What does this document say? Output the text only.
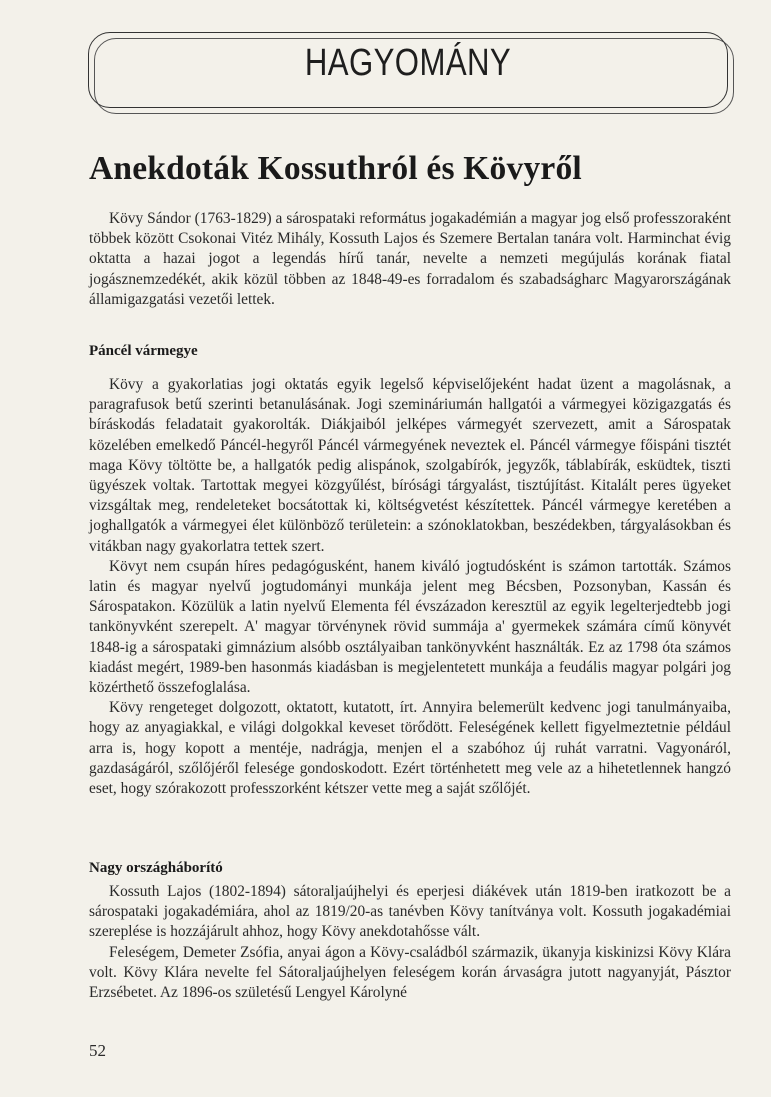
HAGYOMÁNY
Anekdoták Kossuthról és Kövyről

Kövy Sándor (1763-1829) a sárospataki református jogakadémián a magyar jog első professzoraként többek között Csokonai Vitéz Mihály, Kossuth Lajos és Szemere Bertalan tanára volt. Harminchat évig oktatta a hazai jogot a legendás hírű tanár, nevelte a nemzeti megújulás korának fiatal jogásznemzedékét, akik közül többen az 1848-49-es forradalom és szabadságharc Magyarországának államigazgatási vezetői lettek.

Páncél vármegye

Kövy a gyakorlatias jogi oktatás egyik legelső képviselőjeként hadat üzent a magolásnak, a paragrafusok betű szerinti betanulásának. Jogi szemináriumán hallgatói a vármegyei közigazgatás és bíráskodás feladatait gyakorolták. Diákjaiból jelképes vármegyét szervezett, amit a Sárospatak közelében emelkedő Páncél-hegyről Páncél vármegyének neveztek el. Páncél vármegye főispáni tisztét maga Kövy töltötte be, a hallgatók pedig alispánok, szolgabírók, jegyzők, táblabírák, esküdtek, tiszti ügyészek voltak. Tartottak megyei közgyűlést, bírósági tárgyalást, tisztújítást. Kitalált peres ügyeket vizsgáltak meg, rendeleteket bocsátottak ki, költségvetést készítettek. Páncél vármegye keretében a joghallgatók a vármegyei élet különböző területein: a szónoklatokban, beszédekben, tárgyalásokban és vitákban nagy gyakorlatra tettek szert.

Kövyt nem csupán híres pedagógusként, hanem kiváló jogtudósként is számon tartották. Számos latin és magyar nyelvű jogtudományi munkája jelent meg Bécsben, Pozsonyban, Kassán és Sárospatakon. Közülük a latin nyelvű Elementa fél évszázadon keresztül az egyik legelterjedtebb jogi tankönyvként szerepelt. A' magyar törvénynek rövid summája a' gyermekek számára című könyvét 1848-ig a sárospataki gimnázium alsóbb osztályaiban tankönyvként használták. Ez az 1798 óta számos kiadást megért, 1989-ben hasonmás kiadásban is megjelentetett munkája a feudális magyar polgári jog közérthető összefoglalása.

Kövy rengeteget dolgozott, oktatott, kutatott, írt. Annyira belemerült kedvenc jogi tanulmányaiba, hogy az anyagiakkal, e világi dolgokkal keveset törődött. Feleségének kellett figyelmeztetnie például arra is, hogy kopott a mentéje, nadrágja, menjen el a szabóhoz új ruhát varratni. Vagyonáról, gazdaságáról, szőlőjéről felesége gondoskodott. Ezért történhetett meg vele az a hihetetlennek hangzó eset, hogy szórakozott professzorként kétszer vette meg a saját szőlőjét.

Nagy országháborító

Kossuth Lajos (1802-1894) sátoraljaújhelyi és eperjesi diákévek után 1819-ben iratkozott be a sárospataki jogakadémiára, ahol az 1819/20-as tanévben Kövy tanítványa volt. Kossuth jogakadémiai szereplése is hozzájárult ahhoz, hogy Kövy anekdotahősse vált.

Feleségem, Demeter Zsófia, anyai ágon a Kövy-családból származik, ükanyja kiskinizsi Kövy Klára volt. Kövy Klára nevelte fel Sátoraljaújhelyen feleségem korán árvaságra jutott nagyanyját, Pásztor Erzsébetet. Az 1896-os születésű Lengyel Károlyné

52
